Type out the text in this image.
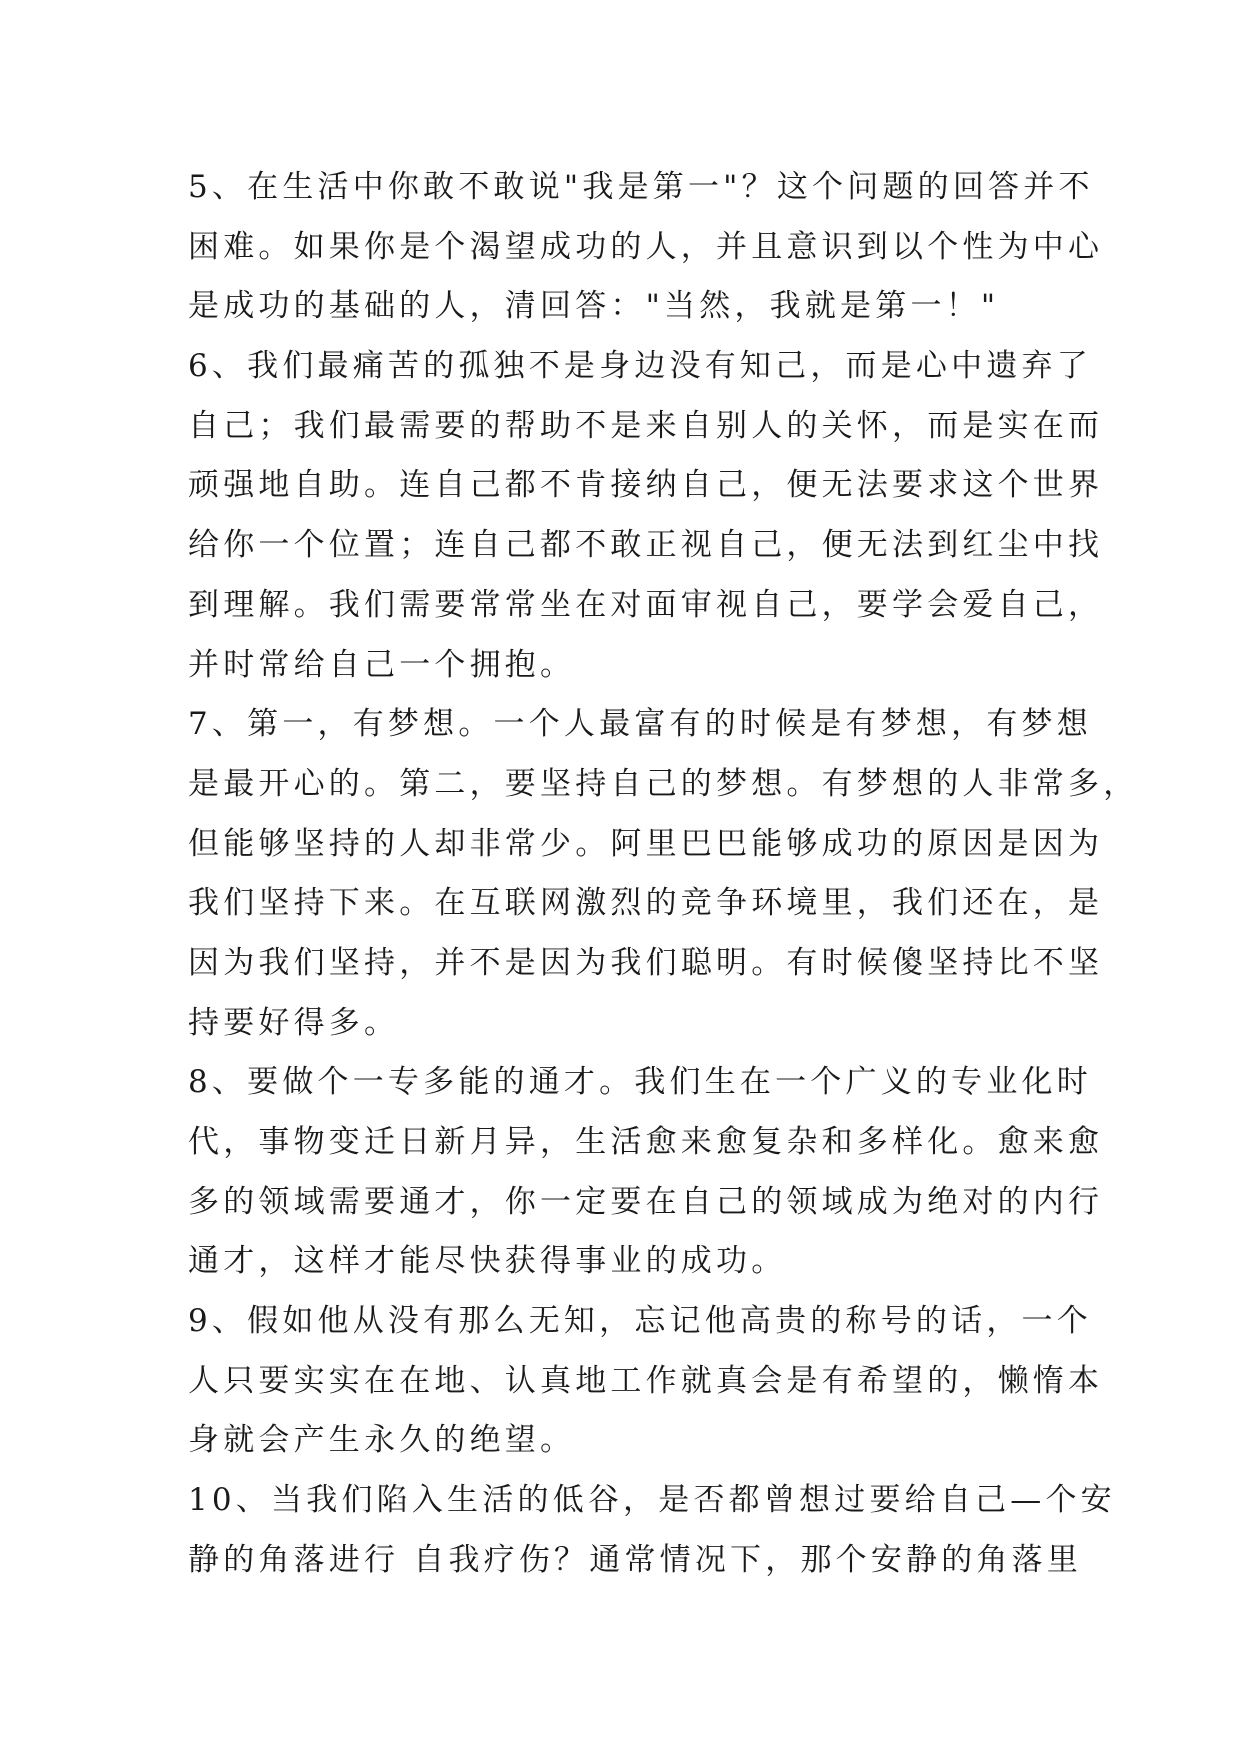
5、在生活中你敢不敢说"我是第一"？这个问题的回答并不
困难。如果你是个渴望成功的人，并且意识到以个性为中心
是成功的基础的人，清回答："当然，我就是第一！"
6、我们最痛苦的孤独不是身边没有知己，而是心中遗弃了
自己；我们最需要的帮助不是来自别人的关怀，而是实在而
顽强地自助。连自己都不肯接纳自己，便无法要求这个世界
给你一个位置；连自己都不敢正视自己，便无法到红尘中找
到理解。我们需要常常坐在对面审视自己，要学会爱自己，
并时常给自己一个拥抱。
7、第一，有梦想。一个人最富有的时候是有梦想，有梦想
是最开心的。第二，要坚持自己的梦想。有梦想的人非常多，
但能够坚持的人却非常少。阿里巴巴能够成功的原因是因为
我们坚持下来。在互联网激烈的竞争环境里，我们还在，是
因为我们坚持，并不是因为我们聪明。有时候傻坚持比不坚
持要好得多。
8、要做个一专多能的通才。我们生在一个广义的专业化时
代，事物变迁日新月异，生活愈来愈复杂和多样化。愈来愈
多的领域需要通才，你一定要在自己的领域成为绝对的内行
通才，这样才能尽快获得事业的成功。
9、假如他从没有那么无知，忘记他高贵的称号的话，一个
人只要实实在在地、认真地工作就真会是有希望的，懒惰本
身就会产生永久的绝望。
10、当我们陷入生活的低谷，是否都曾想过要给自己—个安
静的角落进行 自我疗伤？通常情况下，那个安静的角落里
